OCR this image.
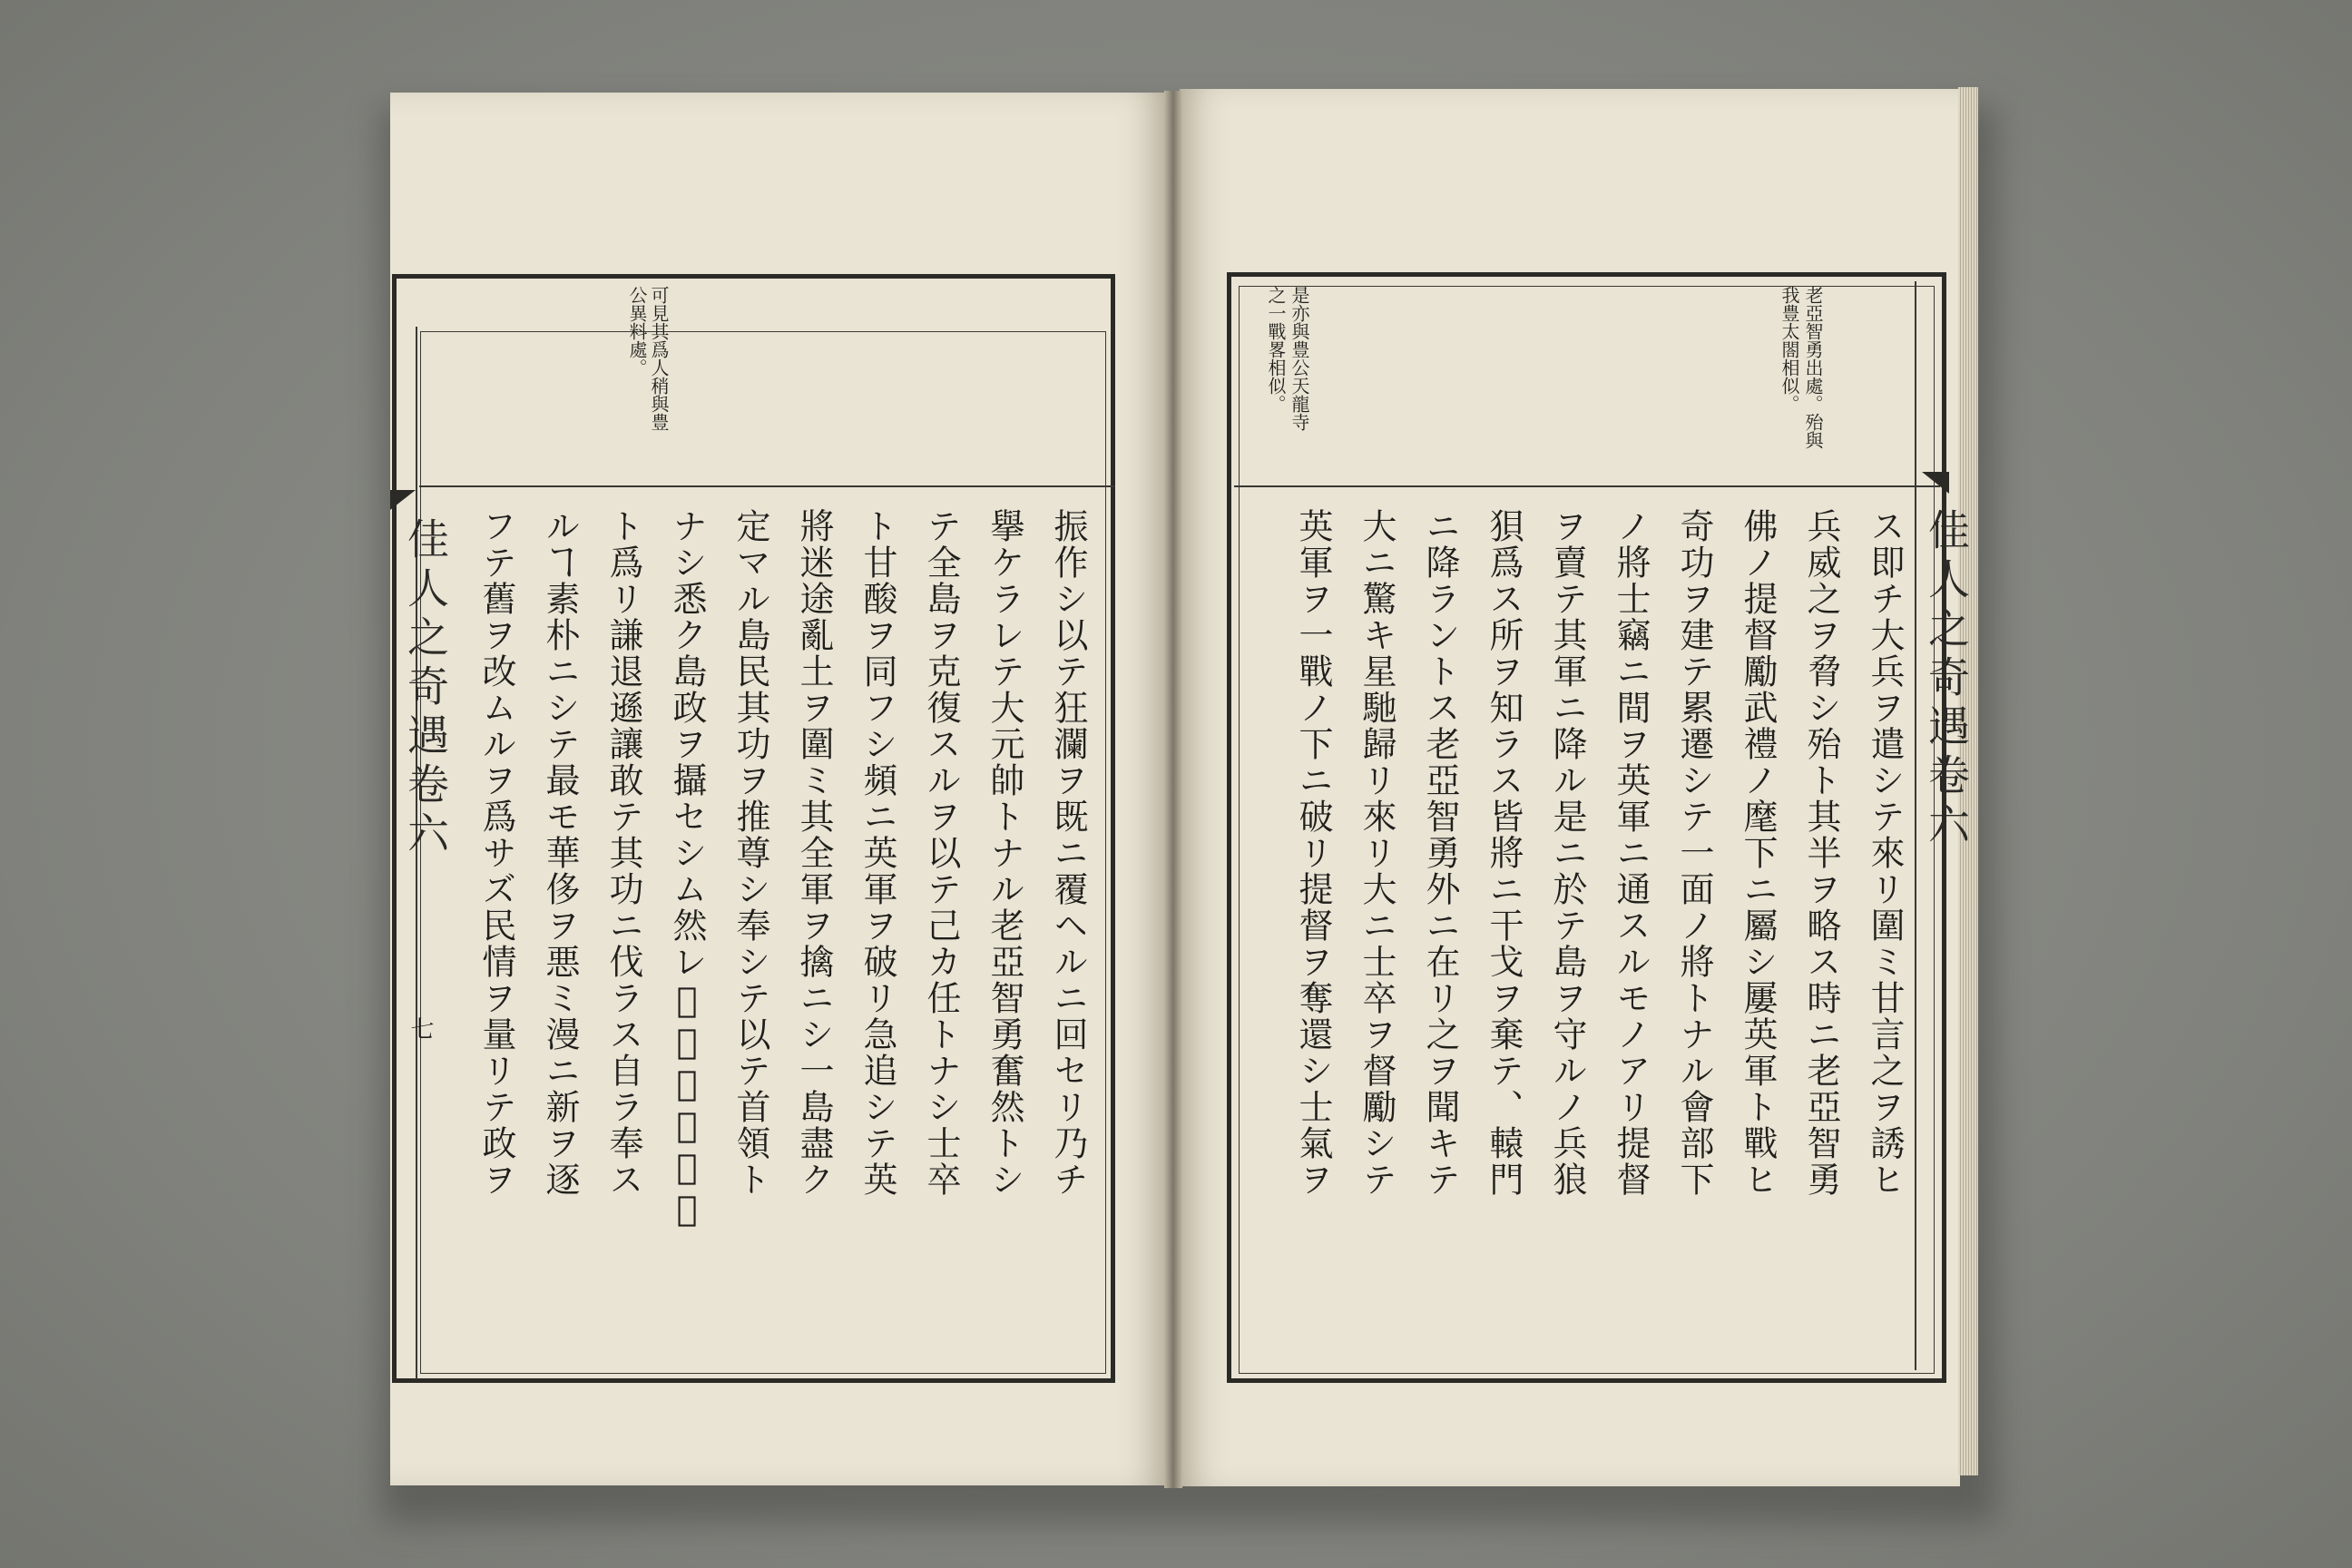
佳人之奇遇卷六
七
可見其爲人稍與豊
公異料處。
振作シ以テ狂瀾ヲ既ニ覆ヘルニ回セリ乃チ
擧ケラレテ大元帥トナル老亞智勇奮然トシ
テ全島ヲ克復スルヲ以テ己カ任トナシ士卒
ト甘酸ヲ同フシ頻ニ英軍ヲ破リ急追シテ英
將迷途亂土ヲ圍ミ其全軍ヲ擒ニシ一島盡ク
定マル島民其功ヲ推尊シ奉シテ以テ首領ト
ナシ悉ク島政ヲ攝セシム然レ𪜈老亞智勇人
ト爲リ謙退遜讓敢テ其功ニ伐ラス自ラ奉ス
ルヿ素朴ニシテ最モ華侈ヲ悪ミ漫ニ新ヲ逐
フテ舊ヲ改ムルヲ爲サズ民情ヲ量リテ政ヲ	佳人之奇遇卷六
老亞智勇出處。殆與
我豊太閤相似。
是亦與豊公天龍寺
之一戰畧相似。
ス即チ大兵ヲ遣シテ來リ圍ミ甘言之ヲ誘ヒ
兵威之ヲ脅シ殆ト其半ヲ略ス時ニ老亞智勇
佛ノ提督勵武禮ノ麾下ニ屬シ屢英軍ト戰ヒ
奇功ヲ建テ累遷シテ一面ノ將トナル會部下
ノ將士竊ニ間ヲ英軍ニ通スルモノアリ提督
ヲ賣テ其軍ニ降ル是ニ於テ島ヲ守ルノ兵狼
狽爲ス所ヲ知ラス皆將ニ干戈ヲ棄テ、轅門
ニ降ラントス老亞智勇外ニ在リ之ヲ聞キテ
大ニ驚キ星馳歸リ來リ大ニ士卒ヲ督勵シテ
英軍ヲ一戰ノ下ニ破リ提督ヲ奪還シ士氣ヲ
